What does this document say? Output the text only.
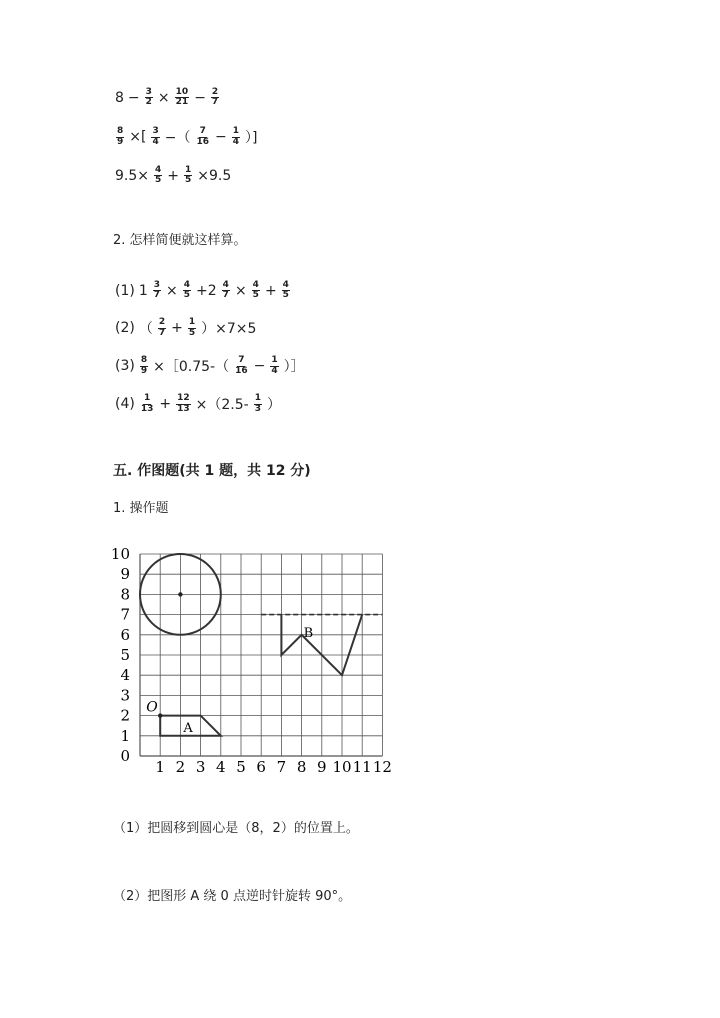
$8 - \frac{3}{2} \times \frac{10}{21} - \frac{2}{7}$
$\frac{8}{9}$ ×[ $\frac{3}{4}$ −（ $\frac{7}{16} - \frac{1}{4}$ ）]
$9.5\times \frac{4}{5} + \frac{1}{5} \times 9.5$
2. 怎样简便就这样算。
(1) $1 \frac{3}{7} \times \frac{4}{5} +2 \frac{4}{7} \times \frac{4}{5} + \frac{4}{5}$
(2) （ $\frac{2}{7} + \frac{1}{5} )\times 7\times 5$
$(3) \frac{8}{9}$ ×［0.75-（ $\frac{7}{16} - \frac{1}{4}$ ）］
$(4) \frac{1}{13} + \frac{12}{13} \times(2.5- \frac{1}{3}$ ）
五. 作图题(共 1 题，共 12 分)
1. 操作题
1 2 3 4 5 6 7 8 9 10 11 12
0
1
2
3
4
5
6
7
8
9
10
O
A
B
（1）把圆移到圆心是（8，2）的位置上。
（2）把图形 A 绕 0 点逆时针旋转 90°。
